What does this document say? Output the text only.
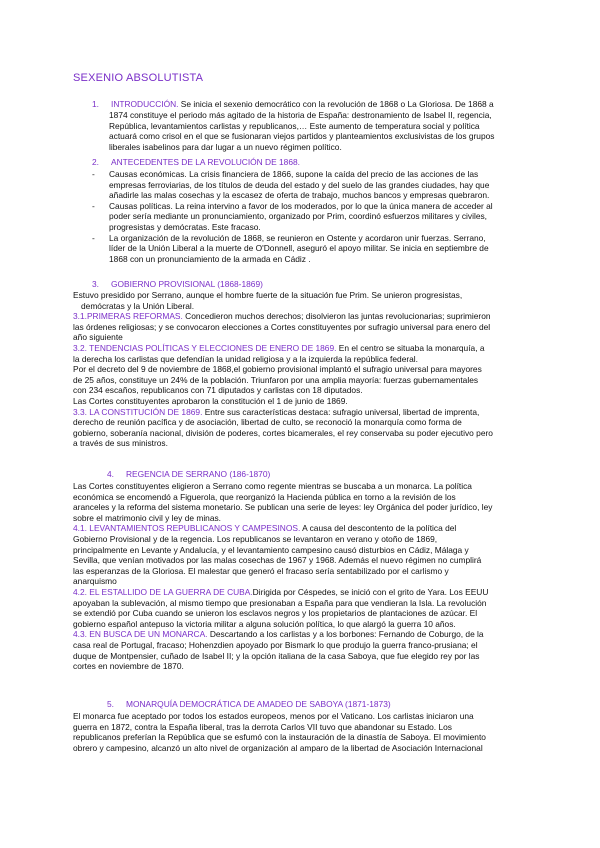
SEXENIO ABSOLUTISTA
1. INTRODUCCIÓN. Se inicia el sexenio democrático con la revolución de 1868 o La Gloriosa. De 1868 a
1874 constituye el periodo más agitado de la historia de España: destronamiento de Isabel II, regencia,
República, levantamientos carlistas y republicanos,… Este aumento de temperatura social y política
actuará como crisol en el que se fusionaran viejos partidos y planteamientos exclusivistas de los grupos
liberales isabelinos para dar lugar a un nuevo régimen político.
2. ANTECEDENTES DE LA REVOLUCIÓN DE 1868.
- Causas económicas. La crisis financiera de 1866, supone la caída del precio de las acciones de las
empresas ferroviarias, de los títulos de deuda del estado y del suelo de las grandes ciudades, hay que
añadirle las malas cosechas y la escasez de oferta de trabajo, muchos bancos y empresas quebraron.
- Causas políticas. La reina intervino a favor de los moderados, por lo que la única manera de acceder al
poder sería mediante un pronunciamiento, organizado por Prim, coordinó esfuerzos militares y civiles,
progresistas y demócratas. Este fracaso.
- La organización de la revolución de 1868, se reunieron en Ostente y acordaron unir fuerzas. Serrano,
líder de la Unión Liberal a la muerte de O'Donnell, aseguró el apoyo militar. Se inicia en septiembre de
1868 con un pronunciamiento de la armada en Cádiz .
3. GOBIERNO PROVISIONAL (1868-1869)
Estuvo presidido por Serrano, aunque el hombre fuerte de la situación fue Prim. Se unieron progresistas,
demócratas y la Unión Liberal.
3.1.PRIMERAS REFORMAS. Concedieron muchos derechos; disolvieron las juntas revolucionarias; suprimieron
las órdenes religiosas; y se convocaron elecciones a Cortes constituyentes por sufragio universal para enero del
año siguiente
3.2. TENDENCIAS POLÍTICAS Y ELECCIONES DE ENERO DE 1869. En el centro se situaba la monarquía, a
la derecha los carlistas que defendían la unidad religiosa y a la izquierda la república federal.
Por el decreto del 9 de noviembre de 1868,el gobierno provisional implantó el sufragio universal para mayores
de 25 años, constituye un 24% de la población. Triunfaron por una amplia mayoría: fuerzas gubernamentales
con 234 escaños, republicanos con 71 diputados y carlistas con 18 diputados.
Las Cortes constituyentes aprobaron la constitución el 1 de junio de 1869.
3.3. LA CONSTITUCIÓN DE 1869. Entre sus características destaca: sufragio universal, libertad de imprenta,
derecho de reunión pacífica y de asociación, libertad de culto, se reconoció la monarquía como forma de
gobierno, soberanía nacional, división de poderes, cortes bicamerales, el rey conservaba su poder ejecutivo pero
a través de sus ministros.
4. REGENCIA DE SERRANO (186-1870)
Las Cortes constituyentes eligieron a Serrano como regente mientras se buscaba a un monarca. La política
económica se encomendó a Figuerola, que reorganizó la Hacienda pública en torno a la revisión de los
aranceles y la reforma del sistema monetario. Se publican una serie de leyes: ley Orgánica del poder jurídico, ley
sobre el matrimonio civil y ley de minas.
4.1. LEVANTAMIENTOS REPUBLICANOS Y CAMPESINOS. A causa del descontento de la política del
Gobierno Provisional y de la regencia. Los republicanos se levantaron en verano y otoño de 1869,
principalmente en Levante y Andalucía, y el levantamiento campesino causó disturbios en Cádiz, Málaga y
Sevilla, que venían motivados por las malas cosechas de 1967 y 1968. Además el nuevo régimen no cumplirá
las esperanzas de la Gloriosa. El malestar que generó el fracaso sería sentabilizado por el carlismo y
anarquismo
4.2. EL ESTALLIDO DE LA GUERRA DE CUBA.Dirigida por Céspedes, se inició con el grito de Yara. Los EEUU
apoyaban la sublevación, al mismo tiempo que presionaban a España para que vendieran la Isla. La revolución
se extendió por Cuba cuando se unieron los esclavos negros y los propietarios de plantaciones de azúcar. El
gobierno español antepuso la victoria militar a alguna solución política, lo que alargó la guerra 10 años.
4.3. EN BUSCA DE UN MONARCA. Descartando a los carlistas y a los borbones: Fernando de Coburgo, de la
casa real de Portugal, fracaso; Hohenzdien apoyado por Bismark lo que produjo la guerra franco-prusiana; el
duque de Montpensier, cuñado de Isabel II; y la opción italiana de la casa Saboya, que fue elegido rey por las
cortes en noviembre de 1870.
5. MONARQUÍA DEMOCRÁTICA DE AMADEO DE SABOYA (1871-1873)
El monarca fue aceptado por todos los estados europeos, menos por el Vaticano. Los carlistas iniciaron una
guerra en 1872, contra la España liberal, tras la derrota Carlos VII tuvo que abandonar su Estado. Los
republicanos preferían la República que se esfumó con la instauración de la dinastía de Saboya. El movimiento
obrero y campesino, alcanzó un alto nivel de organización al amparo de la libertad de Asociación Internacional
